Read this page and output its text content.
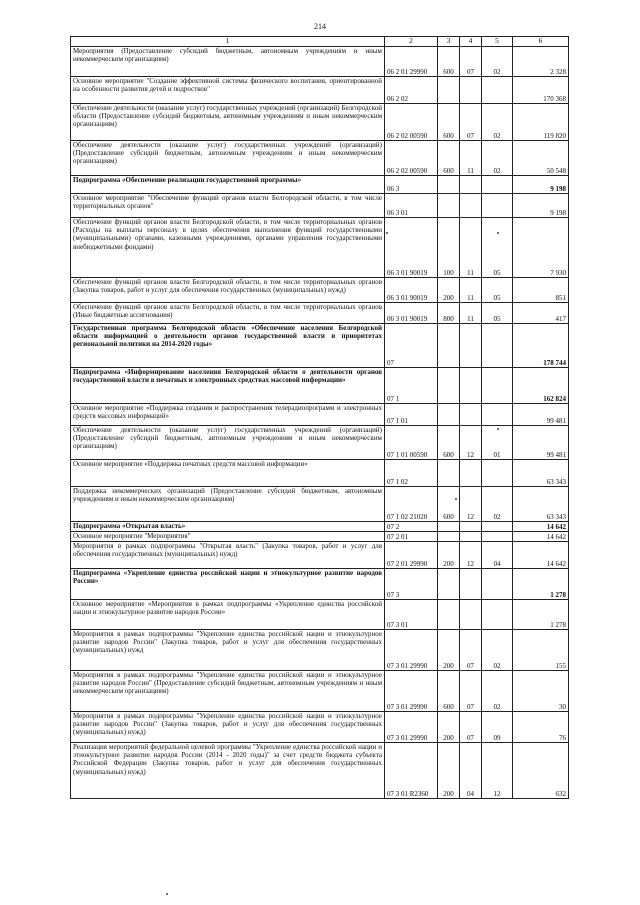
214
1	2	3	4	5	6
Мероприятия (Предоставление субсидий бюджетным, автономным учреждениям и иным некоммерческим организациям)	06 2 01 29990	600	07	02	2 328
Основное мероприятие "Создание эффективной системы физического воспитания, ориентированной на особенности развития детей и подростков"	06 2 02				170 368
Обеспечение деятельности (оказание услуг) государственных учреждений (организаций) Белгородской области (Предоставление субсидий бюджетным, автономным учреждениям и иным некоммерческим организациям)	06 2 02 00590	600	07	02	119 820
Обеспечение деятельности (оказание услуг) государственных учреждений (организаций) (Предоставление субсидий бюджетным, автономным учреждениям и иным некоммерческим организациям)	06 2 02 00590	600	11	02	50 548
Подпрограмма «Обеспечение реализации государственной программы»	06 3				9 198
Основное мероприятие "Обеспечение функций органов власти Белгородской области, в том числе территориальных органов"	06 3 01				9 198
Обеспечение функций органов власти Белгородской области, в том числе территориальных органов (Расходы на выплаты персоналу в целях обеспечения выполнения функций государственными (муниципальными) органами, казенными учреждениями, органами управления государственными внебюджетными фондами)	06 3 01 90019	100	11	05	7 930
Обеспечение функций органов власти Белгородской области, в том числе территориальных органов (Закупка товаров, работ и услуг для обеспечения государственных (муниципальных) нужд)	06 3 01 90019	200	11	05	851
Обеспечение функций органов власти Белгородской области, в том числе территориальных органов (Иные бюджетные ассигнования)	06 3 01 90019	800	11	05	417
Государственная программа Белгородской области «Обеспечение населения Белгородской области информацией о деятельности органов государственной власти и приоритетах региональной политики на 2014-2020 годы»	07				178 744
Подпрограмма «Информирование населения Белгородской области о деятельности органов государственной власти в печатных и электронных средствах массовой информации»	07 1				162 824
Основное мероприятие «Поддержка создания и распространения телерадиопрограмм и электронных средств массовых информаций»	07 1 01				99 481
Обеспечение деятельности (оказание услуг) государственных учреждений (организаций) (Предоставление субсидий бюджетным, автономным учреждениям и иным некоммерческим организациям)	07 1 01 00590	600	12	01	99 481
Основное мероприятие «Поддержка печатных средств массовой информации»	07 1 02				63 343
Поддержка некоммерческих организаций (Предоставление субсидий бюджетным, автономным учреждениям и иным некоммерческим организациям)	07 1 02 21020	600	12	02	63 343
Подпрограмма «Открытая власть»	07 2				14 642
Основное мероприятие "Мероприятия"	07 2 01				14 642
Мероприятия в рамках подпрограммы "Открытая власть" (Закупка товаров, работ и услуг для обеспечения государственных (муниципальных) нужд)	07 2 01 29990	200	12	04	14 642
Подпрограмма «Укрепление единства российской нации и этнокультурное развитие народов России»	07 3				1 278
Основное мероприятие «Мероприятия в рамках подпрограммы «Укрепление единства российской нации и этнокультурное развитие народов России»	07 3 01				1 278
Мероприятия в рамках подпрограммы "Укрепление единства российской нации и этнокультурное развитие народов России" (Закупка товаров, работ и услуг для обеспечения государственных (муниципальных) нужд	07 3 01 29990	200	07	02	155
Мероприятия в рамках подпрограммы "Укрепление единства российской нации и этнокультурное развитие народов России" (Предоставление субсидий бюджетным, автономным учреждениям и иным некоммерческим организациям)	07 3 01 29990	600	07	02	30
Мероприятия в рамках подпрограммы "Укрепление единства российской нации и этнокультурное развитие народов России" (Закупка товаров, работ и услуг для обеспечения государственных (муниципальных) нужд)	07 3 01 29990	200	07	09	76
Реализация мероприятий федеральной целевой программы "Укрепление единства российской нации и этнокультурное развитие народов России (2014 - 2020 годы)" за счет средств бюджета субъекта Российской Федерации (Закупка товаров, работ и услуг для обеспечения государственных (муниципальных) нужд)	07 3 01 R2360	200	04	12	632
